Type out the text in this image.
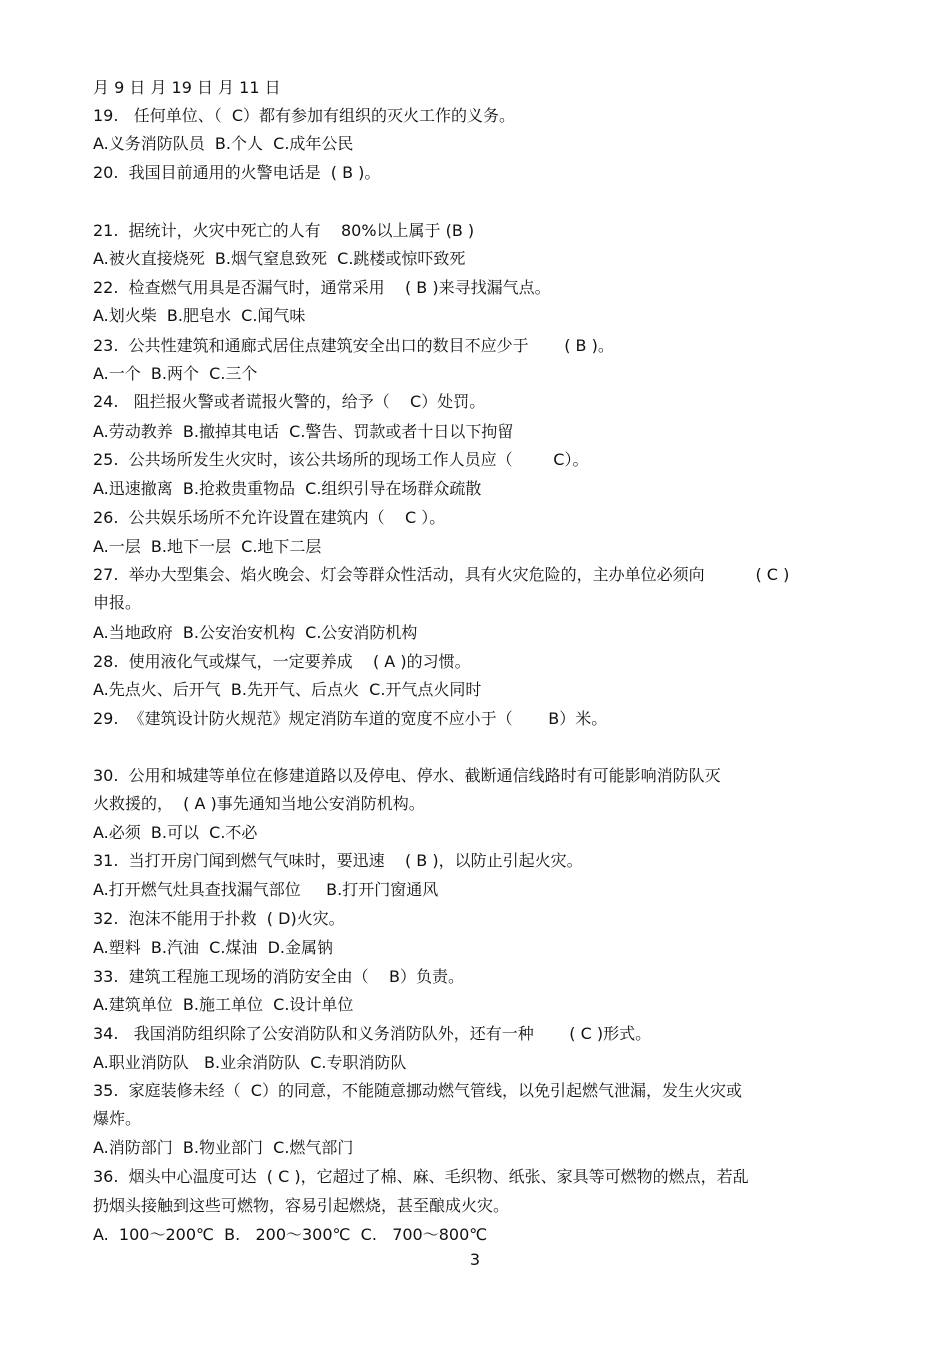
月 9 日 月 19 日 月 11 日
19.   任何单位、（  C）都有参加有组织的灭火工作的义务。
A.义务消防队员  B.个人  C.成年公民
20.  我国目前通用的火警电话是  ( B )。
21.  据统计，火灾中死亡的人有    80%以上属于 (B )
A.被火直接烧死  B.烟气窒息致死  C.跳楼或惊吓致死
22.  检查燃气用具是否漏气时，通常采用    ( B )来寻找漏气点。
A.划火柴  B.肥皂水  C.闻气味
23.  公共性建筑和通廊式居住点建筑安全出口的数目不应少于       ( B )。
A.一个  B.两个  C.三个
24.   阻拦报火警或者谎报火警的，给予（    C）处罚。
A.劳动教养  B.撤掉其电话  C.警告、罚款或者十日以下拘留
25.  公共场所发生火灾时，该公共场所的现场工作人员应（        C）。
A.迅速撤离  B.抢救贵重物品  C.组织引导在场群众疏散
26.  公共娱乐场所不允许设置在建筑内（    C ）。
A.一层  B.地下一层  C.地下二层
27.  举办大型集会、焰火晚会、灯会等群众性活动，具有火灾危险的，主办单位必须向          ( C )
申报。
A.当地政府  B.公安治安机构  C.公安消防机构
28.  使用液化气或煤气，一定要养成    ( A )的习惯。
A.先点火、后开气  B.先开气、后点火  C.开气点火同时
29.  《建筑设计防火规范》规定消防车道的宽度不应小于（       B）米。
30.  公用和城建等单位在修建道路以及停电、停水、截断通信线路时有可能影响消防队灭
火救援的，  ( A )事先通知当地公安消防机构。
A.必须  B.可以  C.不必
31.  当打开房门闻到燃气气味时，要迅速    ( B )，以防止引起火灾。
A.打开燃气灶具查找漏气部位     B.打开门窗通风
32.  泡沫不能用于扑救  ( D)火灾。
A.塑料  B.汽油  C.煤油  D.金属钠
33.  建筑工程施工现场的消防安全由（    B）负责。
A.建筑单位  B.施工单位  C.设计单位
34.   我国消防组织除了公安消防队和义务消防队外，还有一种       ( C )形式。
A.职业消防队   B.业余消防队  C.专职消防队
35.  家庭装修未经（  C）的同意，不能随意挪动燃气管线，以免引起燃气泄漏，发生火灾或
爆炸。
A.消防部门  B.物业部门  C.燃气部门
36.  烟头中心温度可达  ( C )，它超过了棉、麻、毛织物、纸张、家具等可燃物的燃点，若乱
扔烟头接触到这些可燃物，容易引起燃烧，甚至酿成火灾。
A.  100～200℃  B.   200～300℃  C.   700～800℃
3
